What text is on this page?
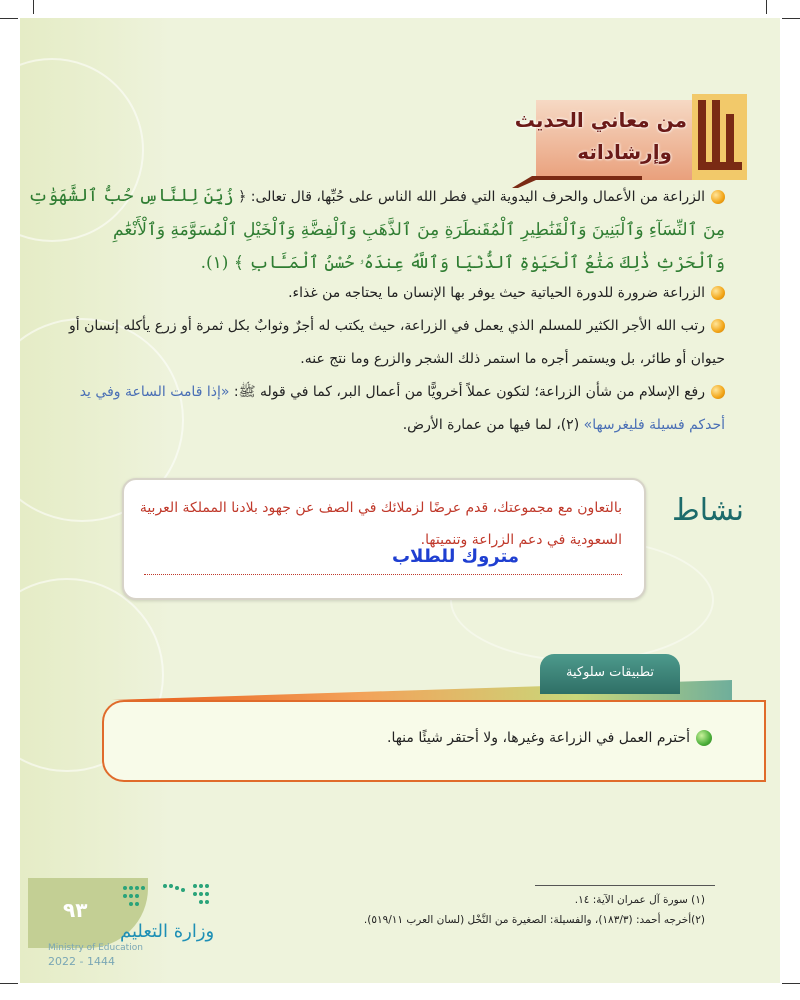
من معاني الحديث
وإرشاداته
الزراعة من الأعمال والحرف اليدوية التي فطر الله الناس على حُبِّها، قال تعالى: ﴿ زُيِّنَ لِلنَّاسِ حُبُّ ٱلشَّهَوَٰتِ
مِنَ ٱلنِّسَآءِ وَٱلْبَنِينَ وَٱلْقَنَٰطِيرِ ٱلْمُقَنطَرَةِ مِنَ ٱلذَّهَبِ وَٱلْفِضَّةِ وَٱلْخَيْلِ ٱلْمُسَوَّمَةِ وَٱلْأَنْعَٰمِ
وَٱلْحَرْثِ ذَٰلِكَ مَتَٰعُ ٱلْحَيَوٰةِ ٱلدُّنْيَا وَٱللَّهُ عِندَهُۥ حُسْنُ ٱلْمَـَٔابِ ﴾ (١).
الزراعة ضرورة للدورة الحياتية حيث يوفر بها الإنسان ما يحتاجه من غذاء.
رتب الله الأجر الكثير للمسلم الذي يعمل في الزراعة، حيث يكتب له أجرٌ وثوابٌ بكل ثمرة أو زرع يأكله إنسان أو
حيوان أو طائر، بل ويستمر أجره ما استمر ذلك الشجر والزرع وما نتج عنه.
رفع الإسلام من شأن الزراعة؛ لتكون عملاً أخرويًّا من أعمال البر، كما في قوله ﷺ: «إذا قامت الساعة وفي يد
أحدكم فسيلة فليغرسها» (٢)، لما فيها من عمارة الأرض.
نشاط
بالتعاون مع مجموعتك، قدم عرضًا لزملائك في الصف عن جهود بلادنا المملكة العربية
السعودية في دعم الزراعة وتنميتها.
متروك للطلاب
تطبيقات سلوكية
أحترم العمل في الزراعة وغيرها، ولا أحتقر شيئًا منها.
(١) سورة آل عمران الآية: ١٤.
(٢)أخرجه أحمد: (١٨٣/٣)، والفسيلة: الصغيرة من النَّخْل (لسان العرب ٥١٩/١١).
٩٣
وزارة التعليم
Ministry of Education
2022 - 1444
